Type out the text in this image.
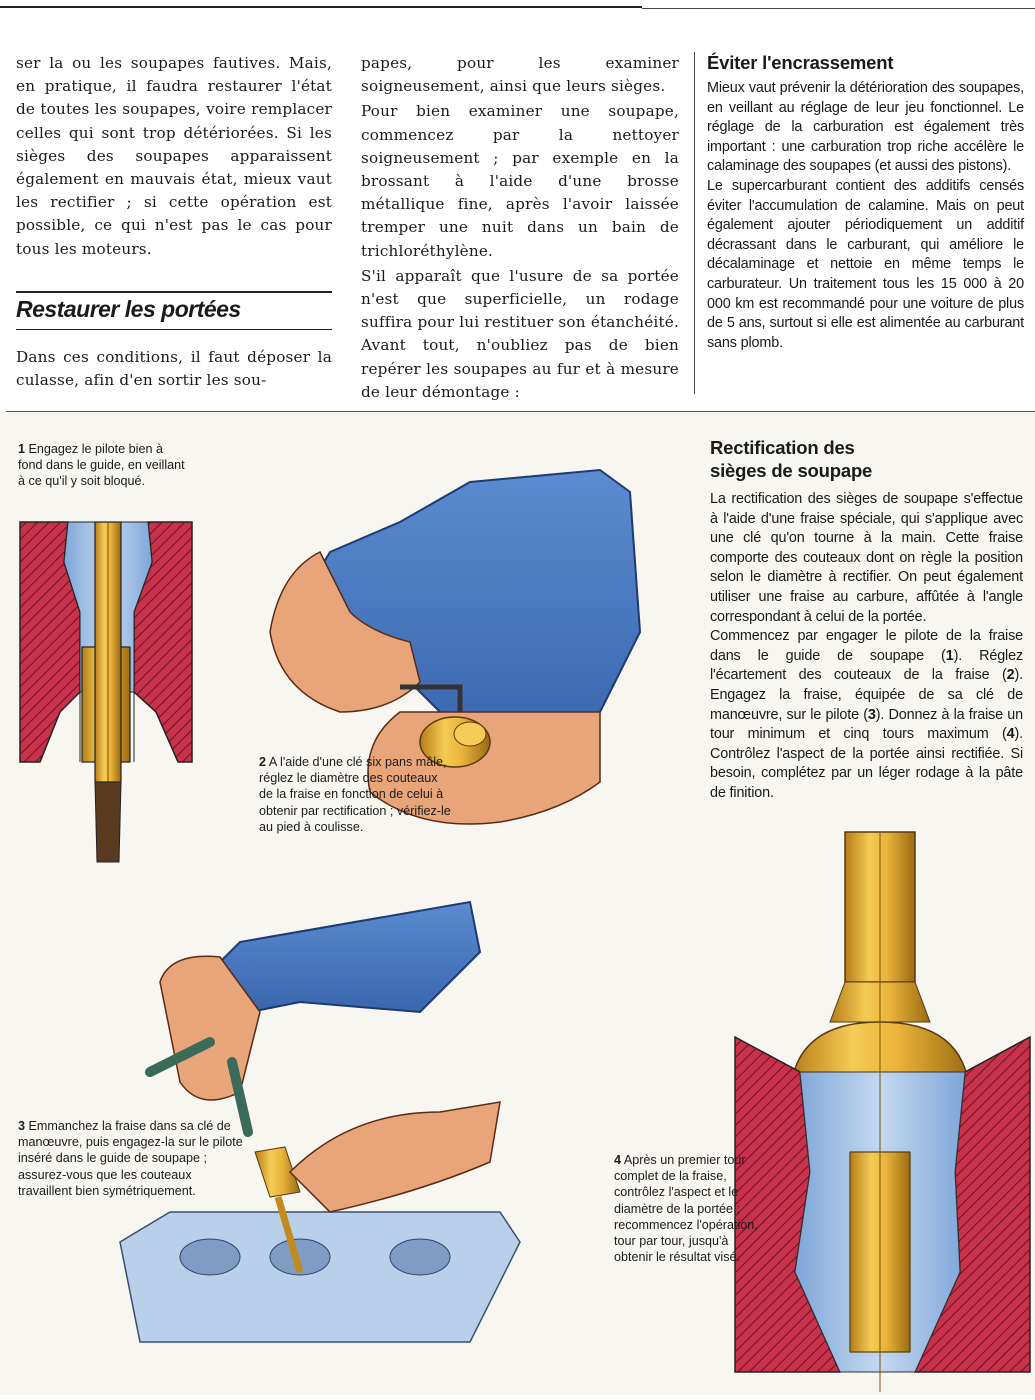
ser la ou les soupapes fautives. Mais, en pratique, il faudra restaurer l'état de toutes les soupapes, voire remplacer celles qui sont trop détériorées. Si les sièges des soupapes apparaissent également en mauvais état, mieux vaut les rectifier ; si cette opération est possible, ce qui n'est pas le cas pour tous les moteurs.

Restaurer les portées

Dans ces conditions, il faut déposer la culasse, afin d'en sortir les sou-

papes, pour les examiner soigneusement, ainsi que leurs sièges.

Pour bien examiner une soupape, commencez par la nettoyer soigneusement ; par exemple en la brossant à l'aide d'une brosse métallique fine, après l'avoir laissée tremper une nuit dans un bain de trichloréthylène.

S'il apparaît que l'usure de sa portée n'est que superficielle, un rodage suffira pour lui restituer son étanchéité. Avant tout, n'oubliez pas de bien repérer les soupapes au fur et à mesure de leur démontage :

Éviter l'encrassement

Mieux vaut prévenir la détérioration des soupapes, en veillant au réglage de leur jeu fonctionnel. Le réglage de la carburation est également très important : une carburation trop riche accélère le calaminage des soupapes (et aussi des pistons).

Le supercarburant contient des additifs censés éviter l'accumulation de calamine. Mais on peut également ajouter périodiquement un additif décrassant dans le carburant, qui améliore le décalaminage et nettoie en même temps le carburateur. Un traitement tous les 15 000 à 20 000 km est recommandé pour une voiture de plus de 5 ans, surtout si elle est alimentée au carburant sans plomb.

1 Engagez le pilote bien à fond dans le guide, en veillant à ce qu'il y soit bloqué.

2 A l'aide d'une clé six pans mâle, réglez le diamètre des couteaux de la fraise en fonction de celui à obtenir par rectification ; vérifiez-le au pied à coulisse.

3 Emmanchez la fraise dans sa clé de manœuvre, puis engagez-la sur le pilote inséré dans le guide de soupape ; assurez-vous que les couteaux travaillent bien symétriquement.

4 Après un premier tour complet de la fraise, contrôlez l'aspect et le diamètre de la portée ; recommencez l'opération, tour par tour, jusqu'à obtenir le résultat visé.

Rectification des
sièges de soupape

La rectification des sièges de soupape s'effectue à l'aide d'une fraise spéciale, qui s'applique avec une clé qu'on tourne à la main. Cette fraise comporte des couteaux dont on règle la position selon le diamètre à rectifier. On peut également utiliser une fraise au carbure, affûtée à l'angle correspondant à celui de la portée.

Commencez par engager le pilote de la fraise dans le guide de soupape (1). Réglez l'écartement des couteaux de la fraise (2). Engagez la fraise, équipée de sa clé de manœuvre, sur le pilote (3). Donnez à la fraise un tour minimum et cinq tours maximum (4). Contrôlez l'aspect de la portée ainsi rectifiée. Si besoin, complétez par un léger rodage à la pâte de finition.
